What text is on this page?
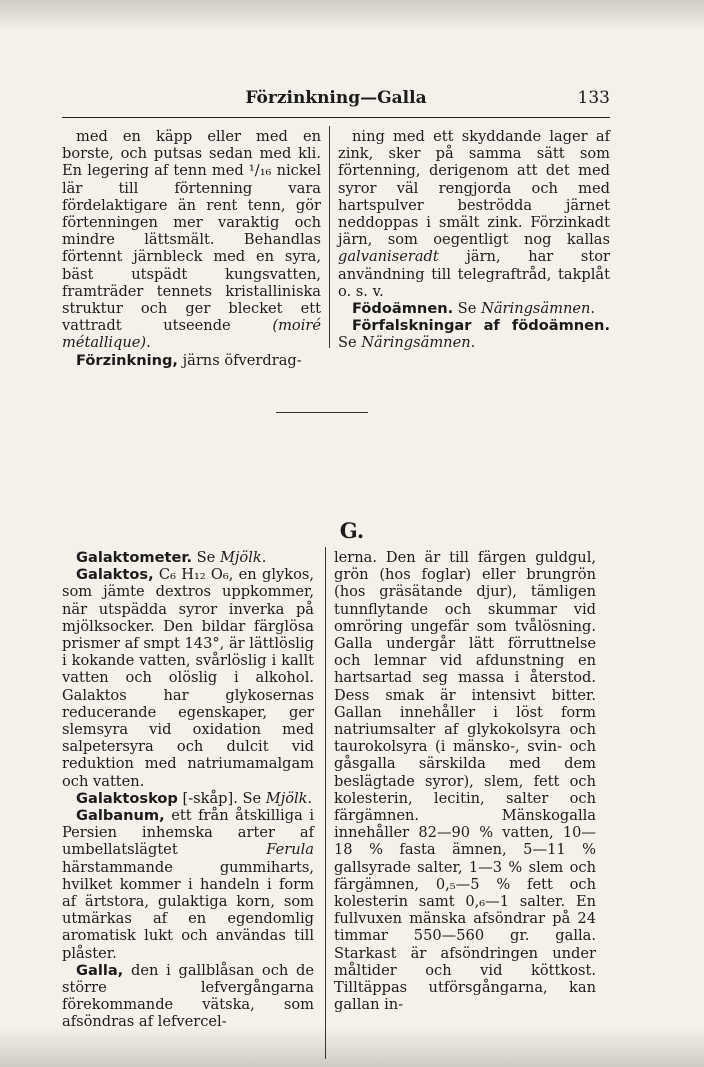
Förzinkning—Galla	133

med en käpp eller med en borste, och putsas sedan med kli. En legering af tenn med ¹/₁₆ nickel lär till förtenning vara fördelaktigare än rent tenn, gör förtenningen mer varaktig och mindre lättsmält. Behandlas förtennt järnbleck med en syra, bäst utspädt kungsvatten, framträder tennets kristalliniska struktur och ger blecket ett vattradt utseende (moiré métallique).

Förzinkning, järns öfverdrag-

ning med ett skyddande lager af zink, sker på samma sätt som förtenning, derigenom att det med syror väl rengjorda och med hartspulver beströdda järnet neddoppas i smält zink. Förzinkadt järn, som oegentligt nog kallas galvaniseradt järn, har stor användning till telegraftråd, takplåt o. s. v.

Födoämnen. Se Näringsämnen.

Förfalskningar af födoämnen. Se Näringsämnen.

G.

Galaktometer. Se Mjölk.

Galaktos, C₆ H₁₂ O₆, en glykos, som jämte dextros uppkommer, när utspädda syror inverka på mjölksocker. Den bildar färglösa prismer af smpt 143°, är lättlöslig i kokande vatten, svårlöslig i kallt vatten och olöslig i alkohol. Galaktos har glykosernas reducerande egenskaper, ger slemsyra vid oxidation med salpetersyra och dulcit vid reduktion med natriumamalgam och vatten.

Galaktoskop [-skåp]. Se Mjölk.

Galbanum, ett från åtskilliga i Persien inhemska arter af umbellatslägtet Ferula härstammande gummiharts, hvilket kommer i handeln i form af ärtstora, gulaktiga korn, som utmärkas af en egendomlig aromatisk lukt och användas till plåster.

Galla, den i gallblåsan och de större lefvergångarna förekommande vätska, som afsöndras af lefvercel-

lerna. Den är till färgen guldgul, grön (hos foglar) eller brungrön (hos gräsätande djur), tämligen tunnflytande och skummar vid omröring ungefär som tvålösning. Galla undergår lätt förruttnelse och lemnar vid afdunstning en hartsartad seg massa i återstod. Dess smak är intensivt bitter. Gallan innehåller i löst form natriumsalter af glykokolsyra och taurokolsyra (i mänsko-, svin- och gåsgalla särskilda med dem beslägtade syror), slem, fett och kolesterin, lecitin, salter och färgämnen. Mänskogalla innehåller 82—90 % vatten, 10—18 % fasta ämnen, 5—11 % gallsyrade salter, 1—3 % slem och färgämnen, 0,₅—5 % fett och kolesterin samt 0,₆—1 salter. En fullvuxen mänska afsöndrar på 24 timmar 550—560 gr. galla. Starkast är afsöndringen under måltider och vid köttkost. Tilltäppas utförsgångarna, kan gallan in-
